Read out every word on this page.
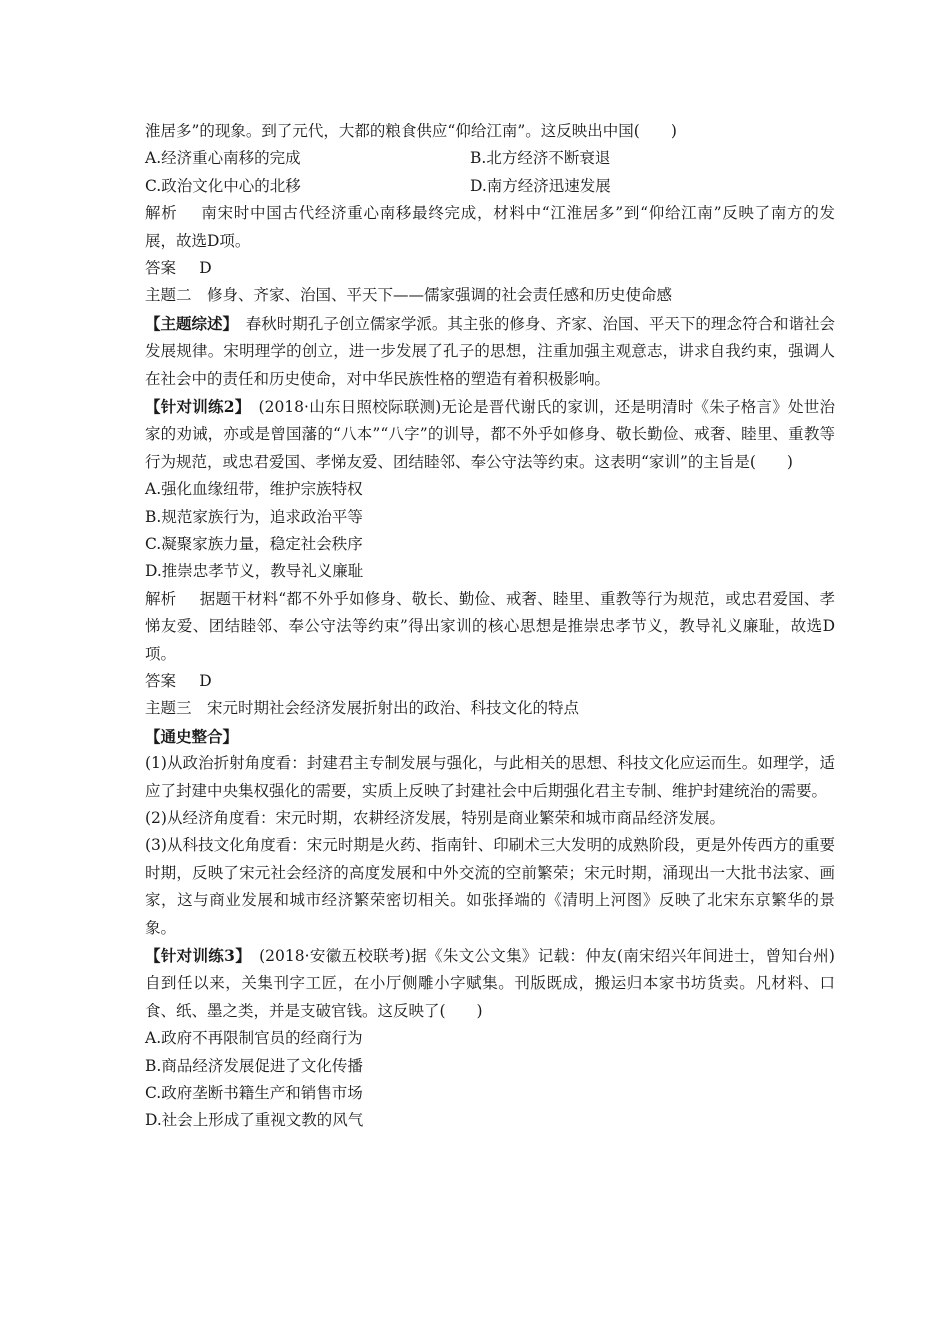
淮居多”的现象。到了元代，大都的粮食供应“仰给江南”。这反映出中国(　　)
A.经济重心南移的完成	B.北方经济不断衰退
C.政治文化中心的北移	D.南方经济迅速发展
解析 南宋时中国古代经济重心南移最终完成，材料中“江淮居多”到“仰给江南”反映了南方的发展，故选D项。
答案 D
主题二　修身、齐家、治国、平天下——儒家强调的社会责任感和历史使命感
【主题综述】　 春秋时期孔子创立儒家学派。其主张的修身、齐家、治国、平天下的理念符合和谐社会发展规律。宋明理学的创立，进一步发展了孔子的思想，注重加强主观意志，讲求自我约束，强调人在社会中的责任和历史使命，对中华民族性格的塑造有着积极影响。
【针对训练2】　 (2018·山东日照校际联测)无论是晋代谢氏的家训，还是明清时《朱子格言》处世治家的劝诫，亦或是曾国藩的“八本”“八字”的训导，都不外乎如修身、敬长勤俭、戒奢、睦里、重教等行为规范，或忠君爱国、孝悌友爱、团结睦邻、奉公守法等约束。这表明“家训”的主旨是(　　)
A.强化血缘纽带，维护宗族特权
B.规范家族行为，追求政治平等
C.凝聚家族力量，稳定社会秩序
D.推崇忠孝节义，教导礼义廉耻
解析 据题干材料“都不外乎如修身、敬长、勤俭、戒奢、睦里、重教等行为规范，或忠君爱国、孝悌友爱、团结睦邻、奉公守法等约束”得出家训的核心思想是推崇忠孝节义，教导礼义廉耻，故选D项。
答案 D
主题三　宋元时期社会经济发展折射出的政治、科技文化的特点
【通史整合】
(1)从政治折射角度看：封建君主专制发展与强化，与此相关的思想、科技文化应运而生。如理学，适应了封建中央集权强化的需要，实质上反映了封建社会中后期强化君主专制、维护封建统治的需要。
(2)从经济角度看：宋元时期，农耕经济发展，特别是商业繁荣和城市商品经济发展。
(3)从科技文化角度看：宋元时期是火药、指南针、印刷术三大发明的成熟阶段，更是外传西方的重要时期，反映了宋元社会经济的高度发展和中外交流的空前繁荣；宋元时期，涌现出一大批书法家、画家，这与商业发展和城市经济繁荣密切相关。如张择端的《清明上河图》反映了北宋东京繁华的景象。
【针对训练3】　 (2018·安徽五校联考)据《朱文公文集》记载：仲友(南宋绍兴年间进士，曾知台州)自到任以来，关集刊字工匠，在小厅侧雕小字赋集。刊版既成，搬运归本家书坊货卖。凡材料、口食、纸、墨之类，并是支破官钱。这反映了(　　)
A.政府不再限制官员的经商行为
B.商品经济发展促进了文化传播
C.政府垄断书籍生产和销售市场
D.社会上形成了重视文教的风气
